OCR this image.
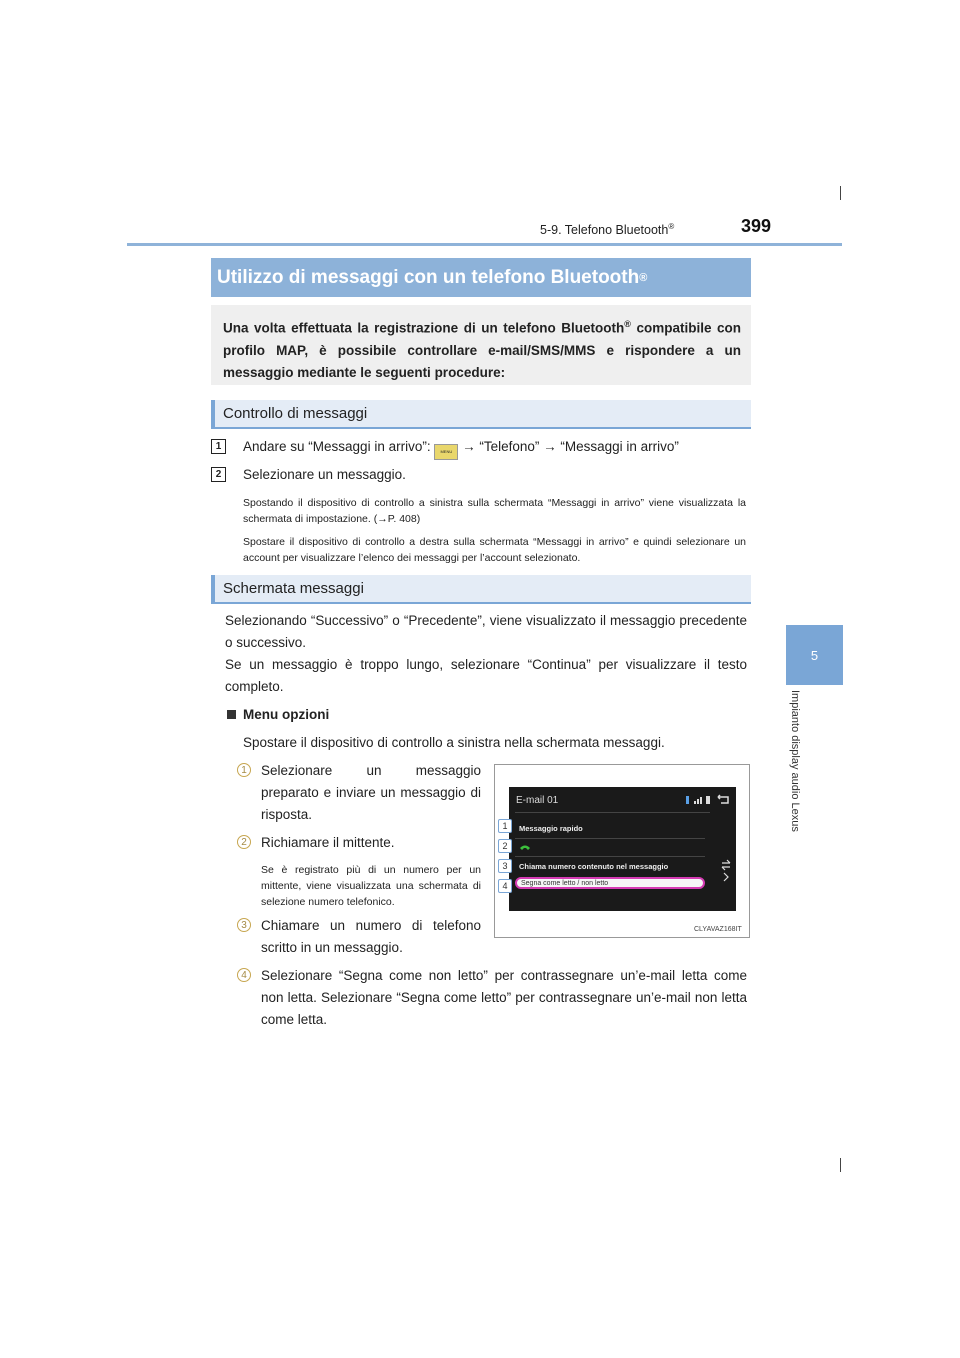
5-9. Telefono Bluetooth®	399
5
Impianto display audio Lexus
Utilizzo di messaggi con un telefono Bluetooth ®
Una volta effettuata la registrazione di un telefono Bluetooth® compatibile con profilo MAP, è possibile controllare e-mail/SMS/MMS e rispondere a un messaggio mediante le seguenti procedure:
Controllo di messaggi
1	Andare su “Messaggi in arrivo”: MENU → “Telefono” → “Messaggi in arrivo”
2	Selezionare un messaggio.
Spostando il dispositivo di controllo a sinistra sulla schermata “Messaggi in arrivo” viene visualizzata la schermata di impostazione. (→P. 408)
Spostare il dispositivo di controllo a destra sulla schermata “Messaggi in arrivo” e quindi selezionare un account per visualizzare l’elenco dei messaggi per l’account selezionato.
Schermata messaggi
Selezionando “Successivo” o “Precedente”, viene visualizzato il messaggio precedente o successivo.
Se un messaggio è troppo lungo, selezionare “Continua” per visualizzare il testo completo.
Menu opzioni
Spostare il dispositivo di controllo a sinistra nella schermata messaggi.
1	Selezionare un messaggio preparato e inviare un messaggio di risposta.
2	Richiamare il mittente.
Se è registrato più di un numero per un mittente, viene visualizzata una schermata di selezione numero telefonico.
3	Chiamare un numero di telefono scritto in un messaggio.
4	Selezionare “Segna come non letto” per contrassegnare un’e-mail letta come non letta. Selezionare “Segna come letto” per contrassegnare un’e-mail non letta come letta.
E-mail 01
Messaggio rapido
Chiama numero contenuto nel messaggio
Segna come letto / non letto
1
2
3
4
CLYAVAZ168IT
